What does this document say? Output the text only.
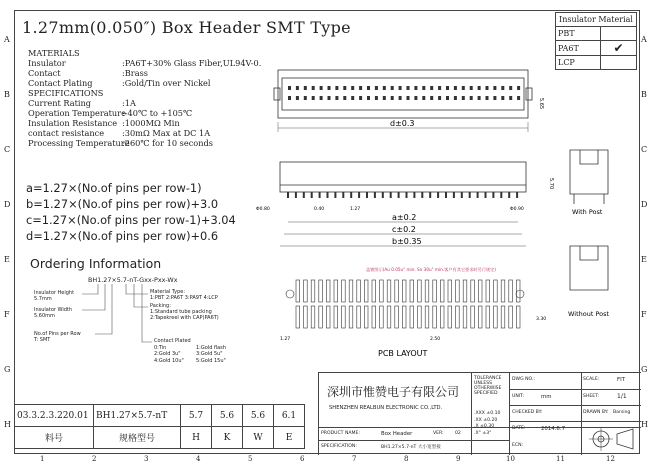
A
B
C
D
E
F
G
H
A
B
C
D
E
F
G
H
1	2	3	4	5	6	7	8	9	10	11	12
1.27mm(0.050″) Box Header SMT Type
MATERIALS
Insulator	:PA6T+30% Glass Fiber,UL94V-0.
Contact	:Brass
Contact Plating	:Gold/Tin over Nickel
SPECIFICATIONS
Current Rating	:1A
Operation Temperature
:-40℃ to +105℃
Insulation Resistance :1000MΩ Min
contact resistance	:30mΩ Max at DC 1A
Processing Temperature
:260℃ for 10 seconds
a=1.27×(No.of pins per row-1)
b=1.27×(No.of pins per row)+3.0
c=1.27×(No.of pins per row-1)+3.04
d=1.27×(No.of pins per row)+0.6
Ordering Information
BH1.27×5.7-nT-Gxx-Pxx-Wx
Insulator Height
5.7mm
Insulator Width
5.60mm
No.of Pins per Row
T: SMT
Material Type:
1:PBT 2:PA6T 3:PA9T 4:LCP
Packing:
1:Standard tube packing
2:Tapekreel with CAP(PA6T)
Contact Plated
0:Tin
2:Gold 3u"
4:Gold 10u"
1:Gold flash
3:Gold 5u"
5:Gold 15u"
Insulator Material	
PBT	
PA6T	✔
LCP	
d±0.3
5.65
Φ0.80	0.40	1.27	Φ0.90
5.70
a±0.2
c±0.2
b±0.35
盖镀图示(Au 0.05u" min. Sn 30u" min.客户有其它要求时另行规定)
1.27	2.50
3.30
PCB LAYOUT
With Post
Without Post
03.3.2.3.220.01	BH1.27×5.7-nT	5.7	5.6	5.6	6.1
料号	规格型号	H	K	W	E
深圳市惟赞电子有限公司
SHENZHEN REALBUN ELECTRONIC CO.,LTD.
PRODUCT NAME:	Box Header	VER: 02
SPECIFICATION:	BH1.27×5.7-nT 大小宽型接
TOLERANCE
UNLESS
OTHERWISE
SPECIFIED
.XXX ±0.10
.XX ±0.20
.X ±0.30
.X° ±3°
DWG NO.:	SCALE:	FIT
UNIT:	mm	SHEET:	1/1
CHECKED BY:	DRAWN BY: Barsing
DATE:	2014.6.7
ECN:
